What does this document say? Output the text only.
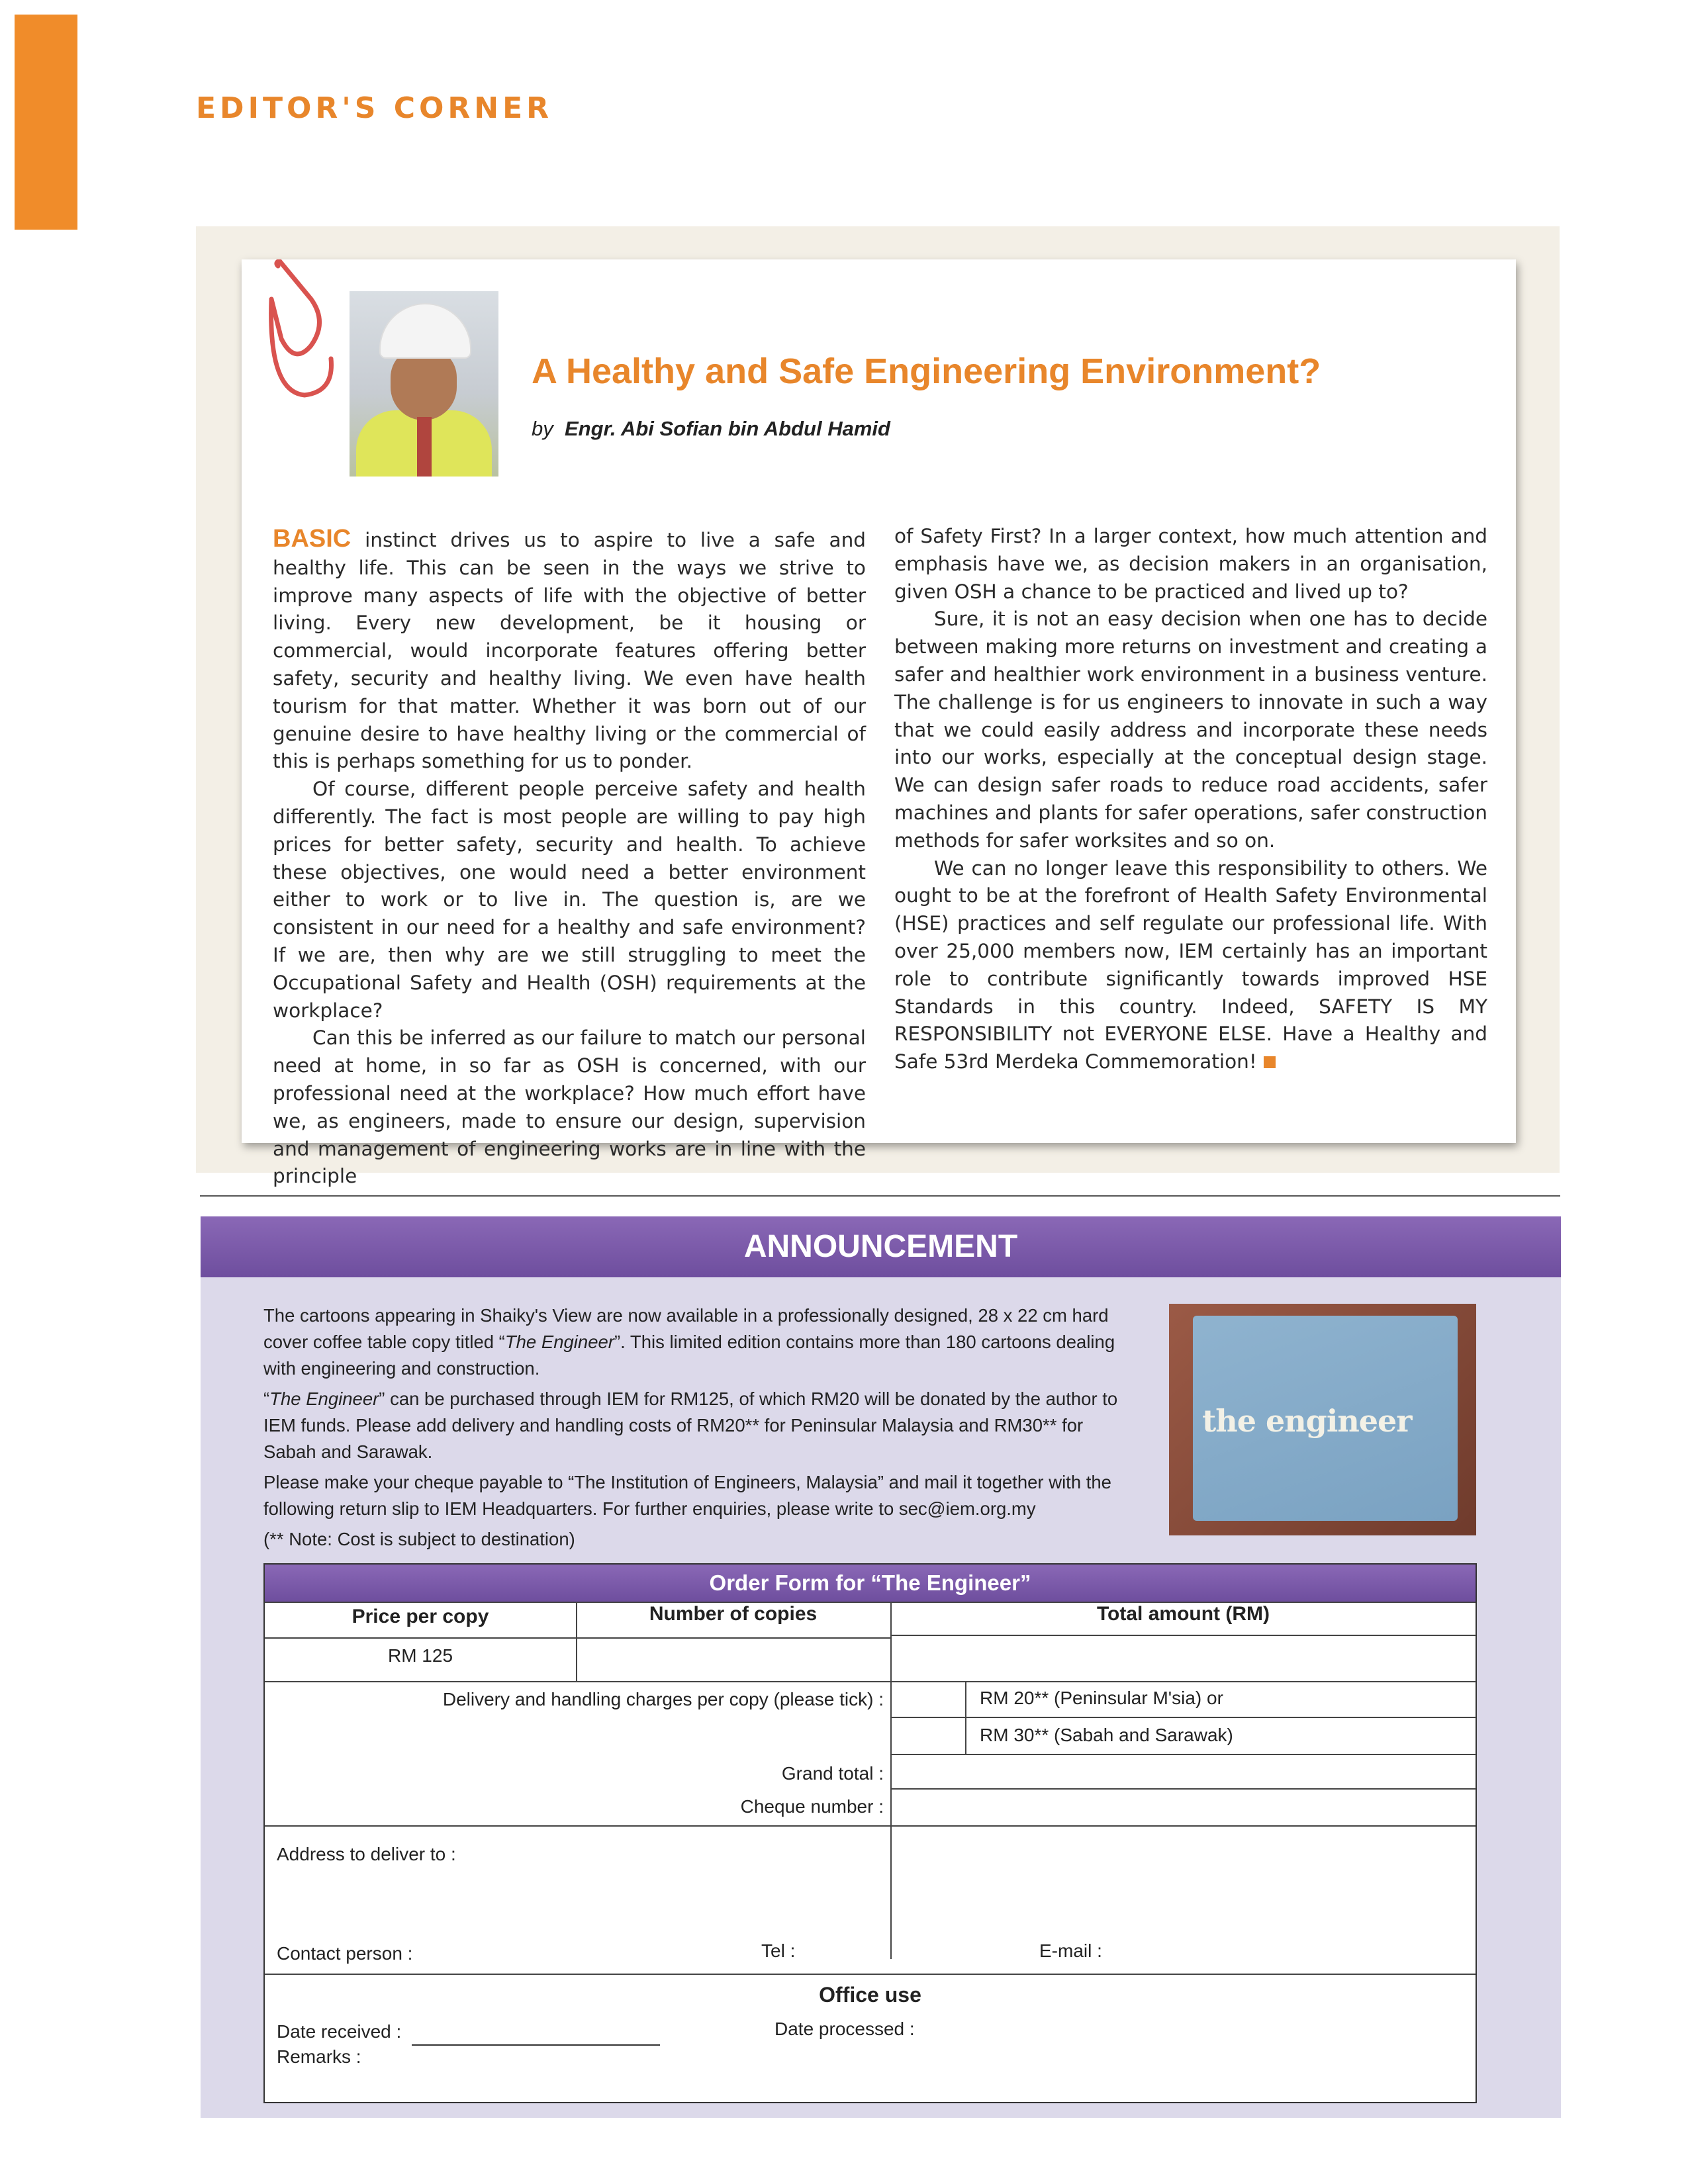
EDITOR'S CORNER
A Healthy and Safe Engineering Environment?
by Engr. Abi Sofian bin Abdul Hamid

BASIC instinct drives us to aspire to live a safe and healthy life. This can be seen in the ways we strive to improve many aspects of life with the objective of better living. Every new development, be it housing or commercial, would incorporate features offering better safety, security and healthy living. We even have health tourism for that matter. Whether it was born out of our genuine desire to have healthy living or the commercial of this is perhaps something for us to ponder.

Of course, different people perceive safety and health differently. The fact is most people are willing to pay high prices for better safety, security and health. To achieve these objectives, one would need a better environment either to work or to live in. The question is, are we consistent in our need for a healthy and safe environment? If we are, then why are we still struggling to meet the Occupational Safety and Health (OSH) requirements at the workplace?

Can this be inferred as our failure to match our personal need at home, in so far as OSH is concerned, with our professional need at the workplace? How much effort have we, as engineers, made to ensure our design, supervision and management of engineering works are in line with the principle

of Safety First? In a larger context, how much attention and emphasis have we, as decision makers in an organisation, given OSH a chance to be practiced and lived up to?

Sure, it is not an easy decision when one has to decide between making more returns on investment and creating a safer and healthier work environment in a business venture. The challenge is for us engineers to innovate in such a way that we could easily address and incorporate these needs into our works, especially at the conceptual design stage. We can design safer roads to reduce road accidents, safer machines and plants for safer operations, safer construction methods for safer worksites and so on.

We can no longer leave this responsibility to others. We ought to be at the forefront of Health Safety Environmental (HSE) practices and self regulate our professional life. With over 25,000 members now, IEM certainly has an important role to contribute significantly towards improved HSE Standards in this country. Indeed, SAFETY IS MY RESPONSIBILITY not EVERYONE ELSE. Have a Healthy and Safe 53rd Merdeka Commemoration!

ANNOUNCEMENT

The cartoons appearing in Shaiky's View are now available in a professionally designed, 28 x 22 cm hard cover coffee table copy titled “The Engineer”. This limited edition contains more than 180 cartoons dealing with engineering and construction.

“The Engineer” can be purchased through IEM for RM125, of which RM20 will be donated by the author to IEM funds. Please add delivery and handling costs of RM20** for Peninsular Malaysia and RM30** for Sabah and Sarawak.

Please make your cheque payable to “The Institution of Engineers, Malaysia” and mail it together with the following return slip to IEM Headquarters. For further enquiries, please write to sec@iem.org.my

(** Note: Cost is subject to destination)

the engineer
Order Form for “The Engineer”
Price per copy	Number of copies	Total amount (RM)
RM 125
Delivery and handling charges per copy (please tick) :	RM 20** (Peninsular M'sia) or
RM 30** (Sabah and Sarawak)
Grand total :
Cheque number :
Address to deliver to :
Contact person :	Tel :	E-mail :
Office use
Date received :	Date processed :
Remarks :
